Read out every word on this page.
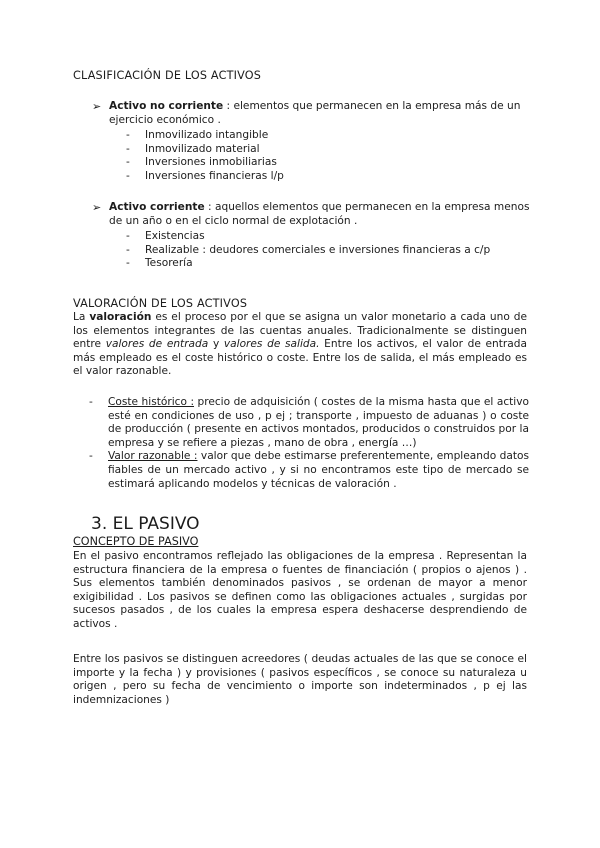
CLASIFICACIÓN DE LOS ACTIVOS
➢ Activo no corriente : elementos que permanecen en la empresa más de un ejercicio económico .
- Inmovilizado intangible
- Inmovilizado material
- Inversiones inmobiliarias
- Inversiones financieras l/p
➢ Activo corriente : aquellos elementos que permanecen en la empresa menos de un año o en el ciclo normal de explotación .
- Existencias
- Realizable : deudores comerciales e inversiones financieras a c/p
- Tesorería
VALORACIÓN DE LOS ACTIVOS
La valoración es el proceso por el que se asigna un valor monetario a cada uno de los elementos integrantes de las cuentas anuales. Tradicionalmente se distinguen entre valores de entrada y valores de salida. Entre los activos, el valor de entrada más empleado es el coste histórico o coste. Entre los de salida, el más empleado es el valor razonable.
- Coste histórico : precio de adquisición ( costes de la misma hasta que el activo esté en condiciones de uso , p ej ; transporte , impuesto de aduanas ) o coste de producción ( presente en activos montados, producidos o construidos por la empresa y se refiere a piezas , mano de obra , energía …)
- Valor razonable : valor que debe estimarse preferentemente, empleando datos fiables de un mercado activo , y si no encontramos este tipo de mercado se estimará aplicando modelos y técnicas de valoración .
3. EL PASIVO
CONCEPTO DE PASIVO
En el pasivo encontramos reflejado las obligaciones de la empresa . Representan la estructura financiera de la empresa o fuentes de financiación ( propios o ajenos ) . Sus elementos también denominados pasivos , se ordenan de mayor a menor exigibilidad . Los pasivos se definen como las obligaciones actuales , surgidas por sucesos pasados , de los cuales la empresa espera deshacerse desprendiendo de activos .
Entre los pasivos se distinguen acreedores ( deudas actuales de las que se conoce el importe y la fecha ) y provisiones ( pasivos específicos , se conoce su naturaleza u origen , pero su fecha de vencimiento o importe son indeterminados , p ej las indemnizaciones )
